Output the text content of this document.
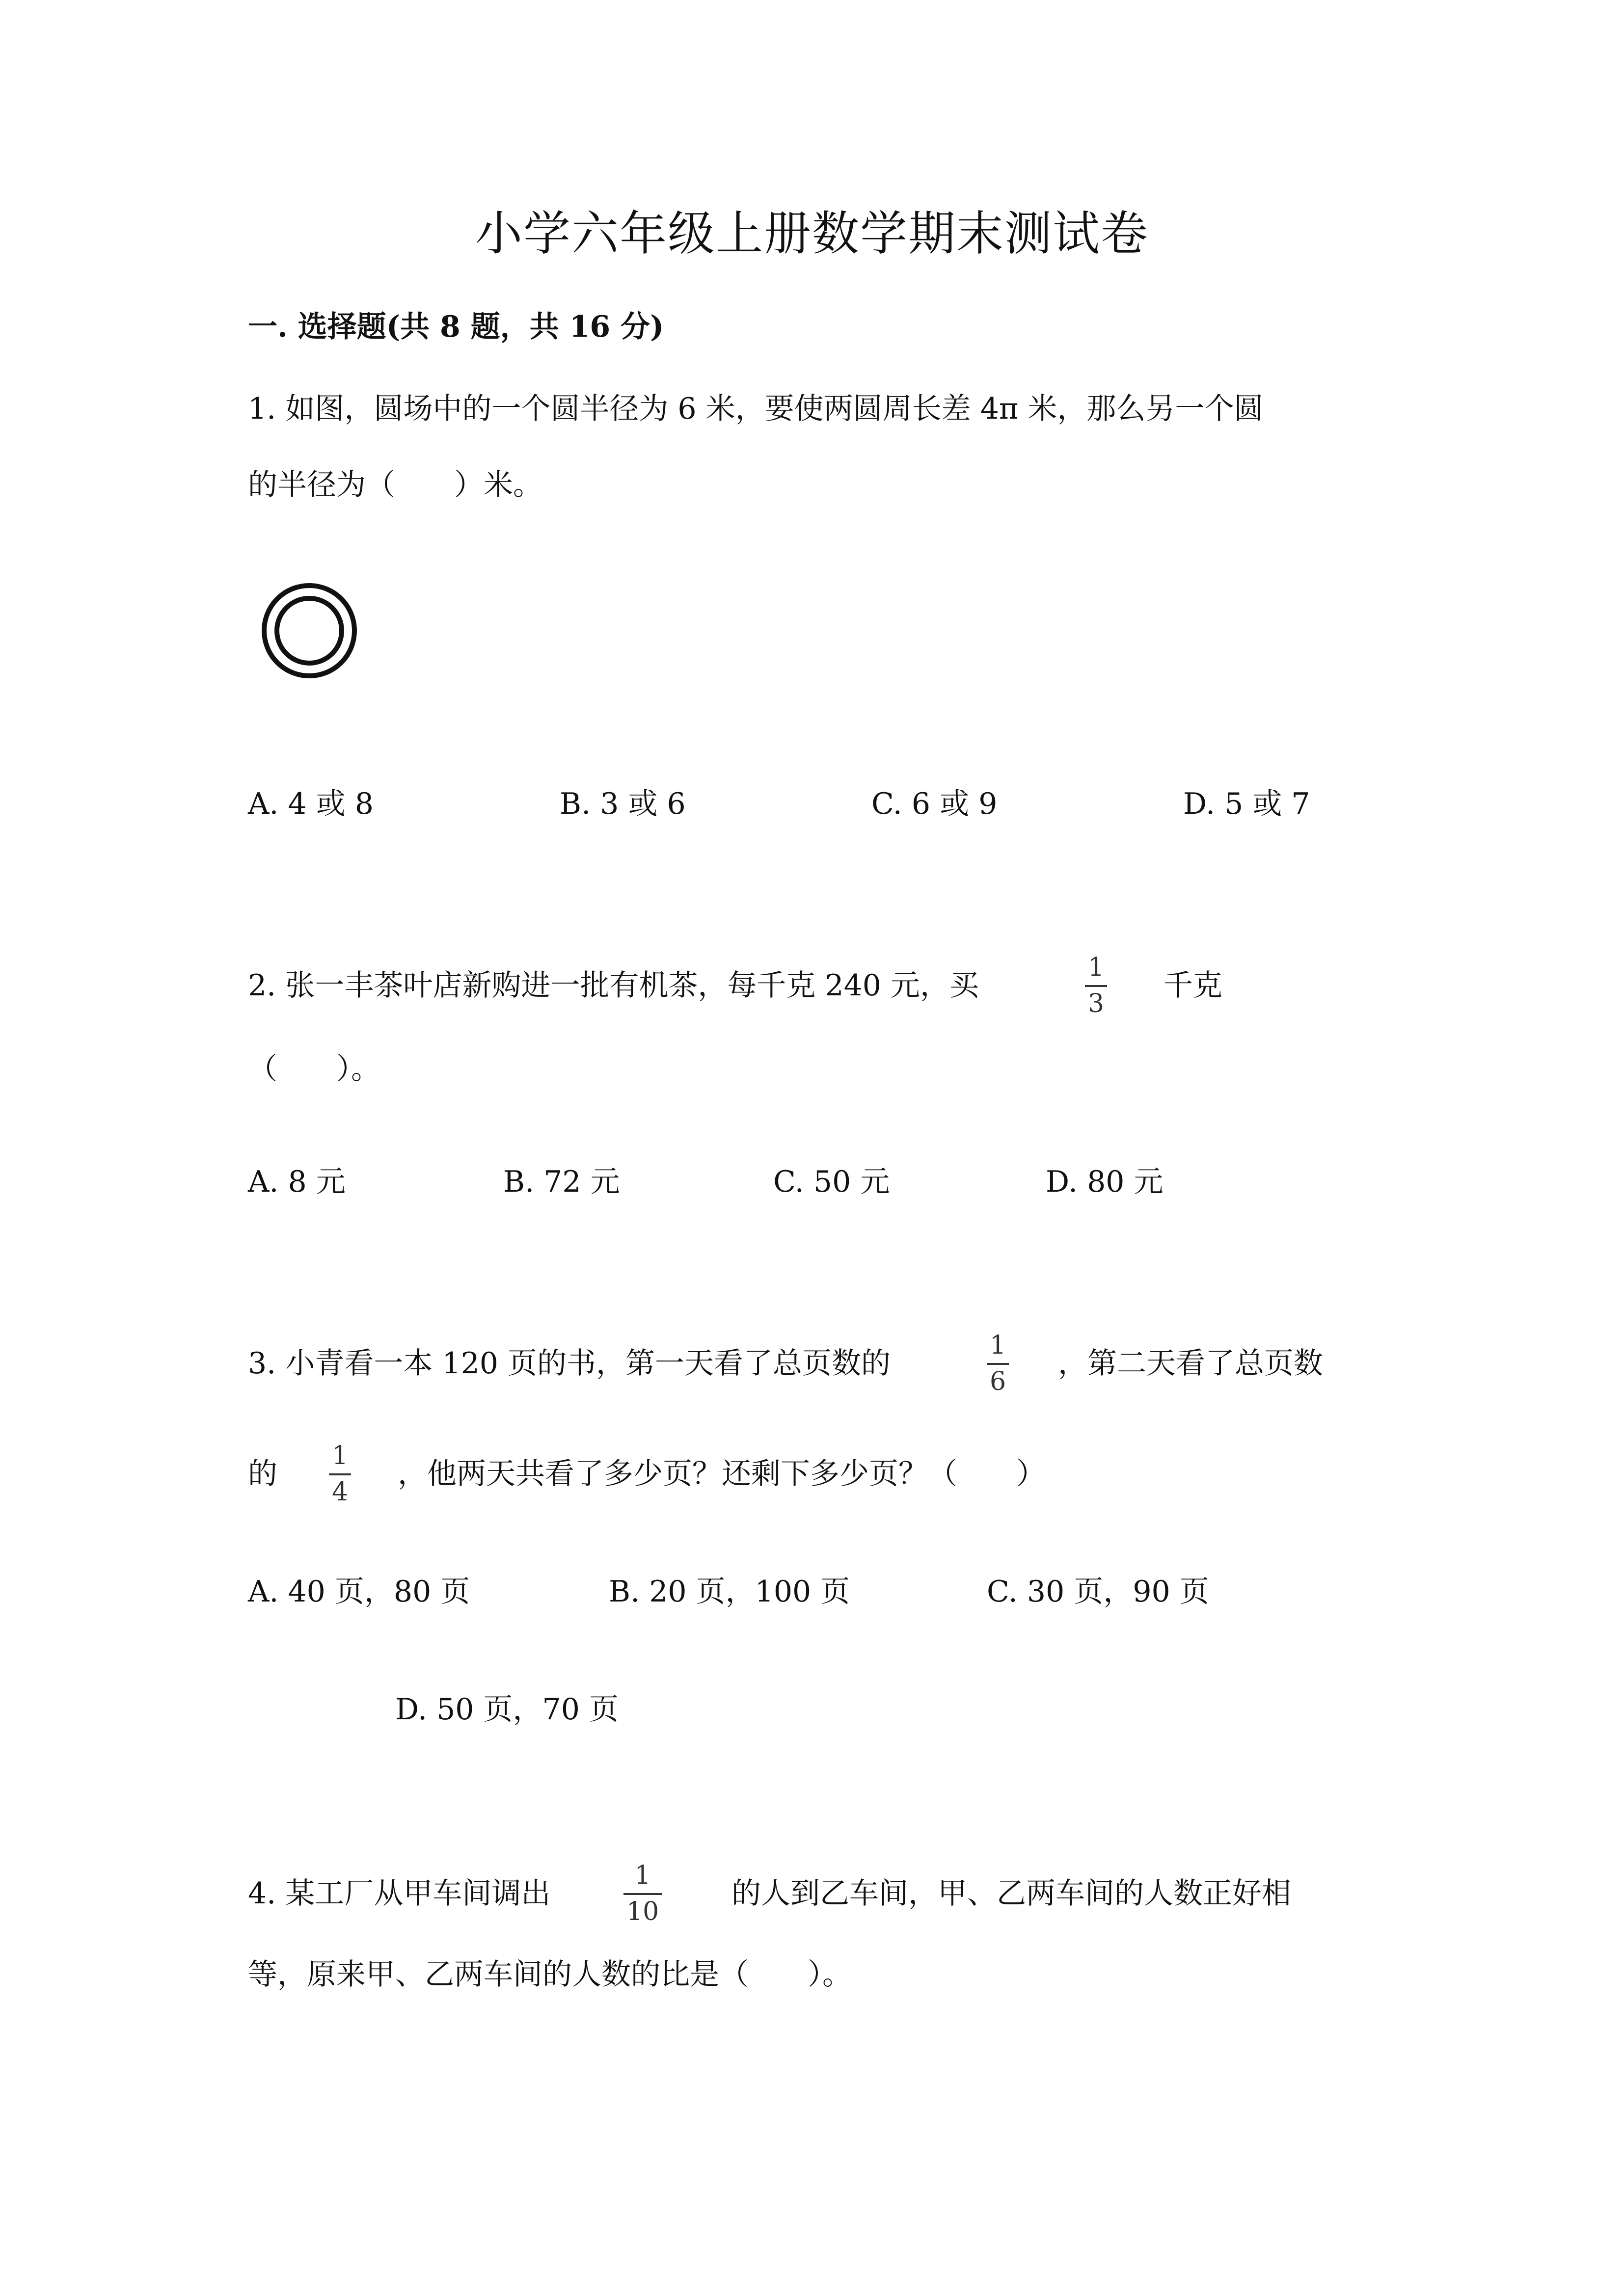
小学六年级上册数学期末测试卷
一. 选择题(共 8 题，共 16 分)
1. 如图，圆场中的一个圆半径为 6 米，要使两圆周长差 4π 米，那么另一个圆
的半径为（　　）米。
A. 4 或 8	B. 3 或 6	C. 6 或 9	D. 5 或 7
2. 张一丰茶叶店新购进一批有机茶，每千克 240 元，买
1
3
千克
（　　）。
A. 8 元	B. 72 元	C. 50 元	D. 80 元
3. 小青看一本 120 页的书，第一天看了总页数的
1
6
，第二天看了总页数
的
1
4
，他两天共看了多少页？还剩下多少页？（　　）
A. 40 页，80 页	B. 20 页，100 页	C. 30 页，90 页
D. 50 页，70 页
4. 某工厂从甲车间调出
1
10
的人到乙车间，甲、乙两车间的人数正好相
等，原来甲、乙两车间的人数的比是（　　）。
